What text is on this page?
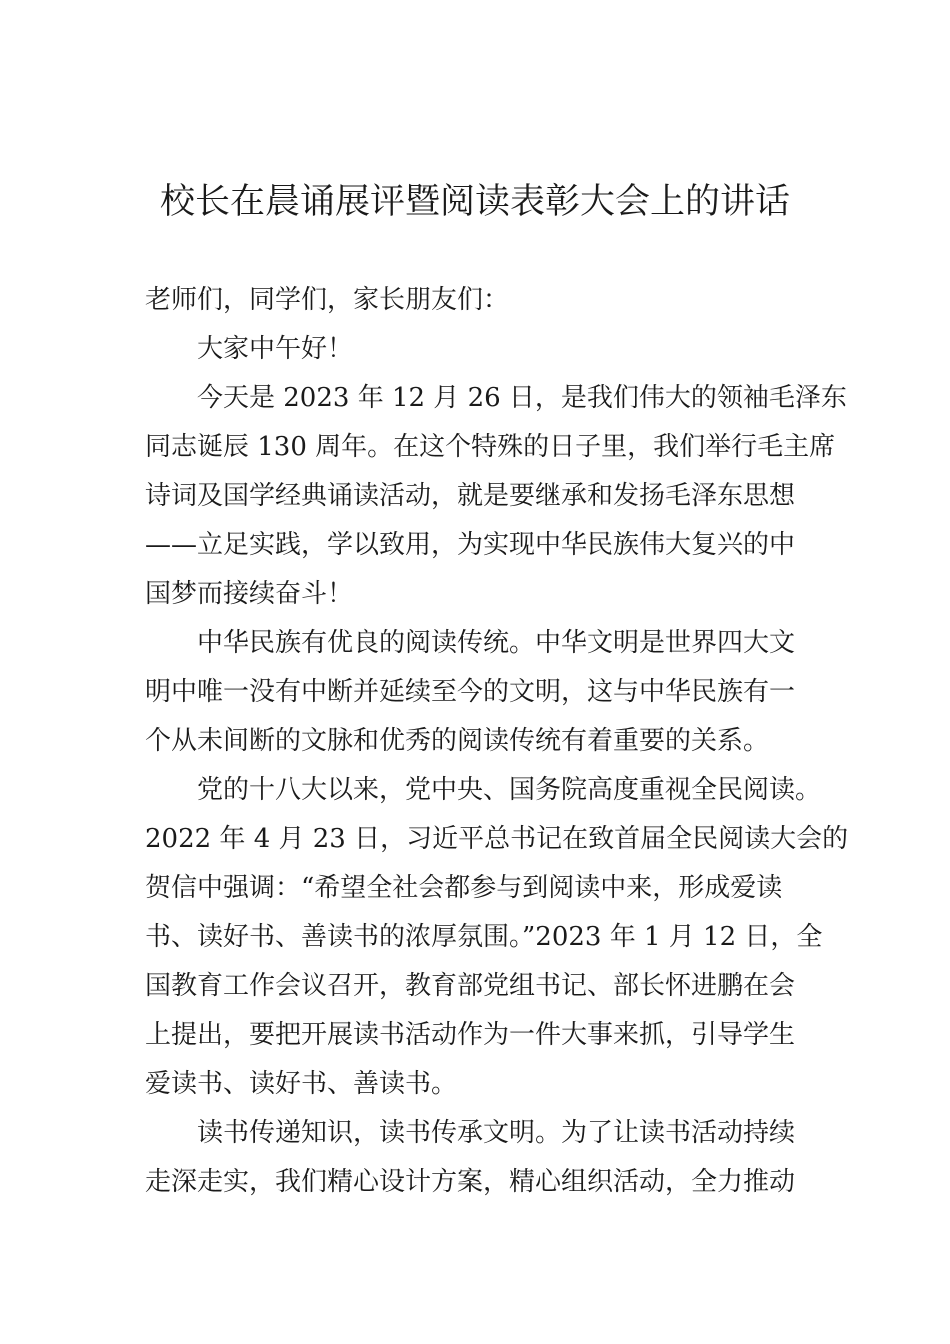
校长在晨诵展评暨阅读表彰大会上的讲话
老师们，同学们，家长朋友们：
大家中午好！
今天是 2023 年 12 月 26 日，是我们伟大的领袖毛泽东
同志诞辰 130 周年。在这个特殊的日子里，我们举行毛主席
诗词及国学经典诵读活动，就是要继承和发扬毛泽东思想
——立足实践，学以致用，为实现中华民族伟大复兴的中
国梦而接续奋斗！
中华民族有优良的阅读传统。中华文明是世界四大文
明中唯一没有中断并延续至今的文明，这与中华民族有一
个从未间断的文脉和优秀的阅读传统有着重要的关系。
党的十八大以来，党中央、国务院高度重视全民阅读。
2022 年 4 月 23 日，习近平总书记在致首届全民阅读大会的
贺信中强调：“希望全社会都参与到阅读中来，形成爱读
书、读好书、善读书的浓厚氛围。”2023 年 1 月 12 日，全
国教育工作会议召开，教育部党组书记、部长怀进鹏在会
上提出，要把开展读书活动作为一件大事来抓，引导学生
爱读书、读好书、善读书。
读书传递知识，读书传承文明。为了让读书活动持续
走深走实，我们精心设计方案，精心组织活动，全力推动
